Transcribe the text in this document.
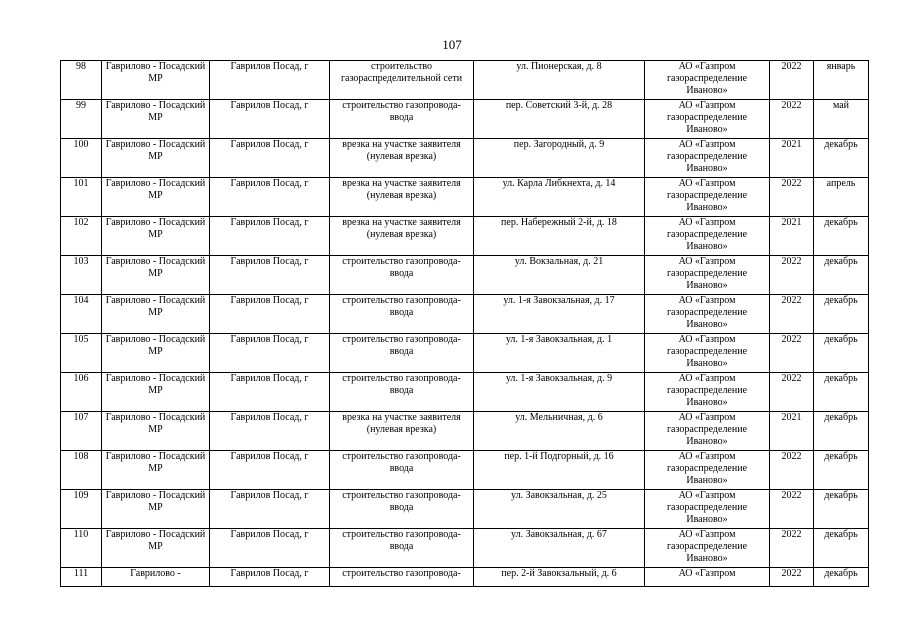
107
98	Гаврилово - Посадский МР	Гаврилов Посад, г	строительство газораспределительной сети	ул. Пионерская, д. 8	АО «Газпром газораспределение Иваново»	2022	январь
99	Гаврилово - Посадский МР	Гаврилов Посад, г	строительство газопровода-ввода	пер. Советский 3-й, д. 28	АО «Газпром газораспределение Иваново»	2022	май
100	Гаврилово - Посадский МР	Гаврилов Посад, г	врезка на участке заявителя (нулевая врезка)	пер. Загородный, д. 9	АО «Газпром газораспределение Иваново»	2021	декабрь
101	Гаврилово - Посадский МР	Гаврилов Посад, г	врезка на участке заявителя (нулевая врезка)	ул. Карла Либкнехта, д. 14	АО «Газпром газораспределение Иваново»	2022	апрель
102	Гаврилово - Посадский МР	Гаврилов Посад, г	врезка на участке заявителя (нулевая врезка)	пер. Набережный 2-й, д. 18	АО «Газпром газораспределение Иваново»	2021	декабрь
103	Гаврилово - Посадский МР	Гаврилов Посад, г	строительство газопровода-ввода	ул. Вокзальная, д. 21	АО «Газпром газораспределение Иваново»	2022	декабрь
104	Гаврилово - Посадский МР	Гаврилов Посад, г	строительство газопровода-ввода	ул. 1-я Завокзальная, д. 17	АО «Газпром газораспределение Иваново»	2022	декабрь
105	Гаврилово - Посадский МР	Гаврилов Посад, г	строительство газопровода-ввода	ул. 1-я Завокзальная, д. 1	АО «Газпром газораспределение Иваново»	2022	декабрь
106	Гаврилово - Посадский МР	Гаврилов Посад, г	строительство газопровода-ввода	ул. 1-я Завокзальная, д. 9	АО «Газпром газораспределение Иваново»	2022	декабрь
107	Гаврилово - Посадский МР	Гаврилов Посад, г	врезка на участке заявителя (нулевая врезка)	ул. Мельничная, д. 6	АО «Газпром газораспределение Иваново»	2021	декабрь
108	Гаврилово - Посадский МР	Гаврилов Посад, г	строительство газопровода-ввода	пер. 1-й Подгорный, д. 16	АО «Газпром газораспределение Иваново»	2022	декабрь
109	Гаврилово - Посадский МР	Гаврилов Посад, г	строительство газопровода-ввода	ул. Завокзальная, д. 25	АО «Газпром газораспределение Иваново»	2022	декабрь
110	Гаврилово - Посадский МР	Гаврилов Посад, г	строительство газопровода-ввода	ул. Завокзальная, д. 67	АО «Газпром газораспределение Иваново»	2022	декабрь
111	Гаврилово -	Гаврилов Посад, г	строительство газопровода-	пер. 2-й Завокзальный, д. 6	АО «Газпром	2022	декабрь
